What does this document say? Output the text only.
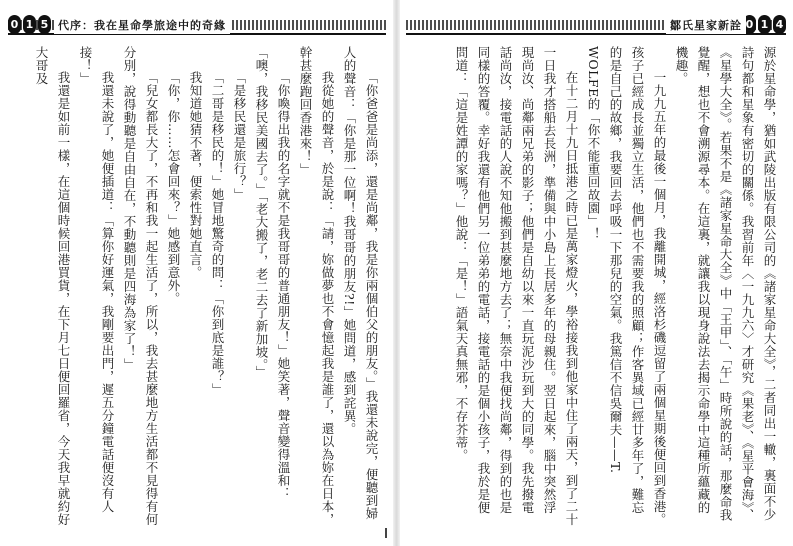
0 1 5 代序：我在星命學旅途中的奇緣

「你爸爸是尚添，還是尚鄰，我是你兩個伯父的朋友。」我還未說完，便聽到婦人的聲音：「你是那一位啊！我哥哥的朋友?!」她問道，感到詫異。

我從她的聲音，於是說：「請，妳做夢也不會憶起我是誰了，還以為妳在日本，幹甚麼跑回香港來！」

「你喚得出我的名字就不是我哥哥的普通朋友！」她笑著，聲音變得溫和：「噢，我移民美國去了。」「老大搬了，老二去了新加坡。」

「是移民還是旅行？」

「二哥是移民的！」她冒地驚奇的問：「你到底是誰？」

我知道她猜不著，便索性對她直言。

「你，你……怎會回來？」她感到意外。

「兒女都長大了，不再和我一起生活了，所以，我去甚麼地方生活都不見得有何分別，說得動聽是自由自在，不動聽則是四海為家了！」

我還未說了，她便插道：「算你好運氣，我剛要出門，遲五分鐘電話便沒有人接！」

我還是如前一樣，在這個時候回港買貨，在下月七日便回羅省，今天我早就約好大哥及

0 1 4
鄒氏星家新詮

源於星命學，猶如武陵出版有限公司的《諸家星命大全》，二者同出一轍，裏面不少詩句都和星象有密切的關係。我習前年〈一九九六〉才研究《果老》、《星平會海》、《星學大全》。若果不是《諸家星命大全》中「王甲」、「午」時所說的話，那麼命我覺醒，想也不會溯源尋本。在這裏，就讓我以現身說法去揭示命學中這種所蘊藏的機趣。

一九九五年的最後一個月，我離開城，經洛杉磯逗留了兩個星期後便回到香港。孩子已經成長並獨立生活，他們也不需要我的照顧；作客異域已經廿多年了，難忘的是自己的故鄉，我要回去呼吸一下那兒的空氣。我篤信不信吳爾夫——T. WOLFE的「你不能重回故園」！

在十二月十九日抵港之時已是萬家燈火，學裕接我到他家中住了兩天，到了二十一日我才搭船去長洲，準備與中小島上長居多年的母親住。翌日起來，腦中突然浮現尚汝、尚鄰兩兄弟的影子；他們是自幼以來一直玩泥沙玩到大的同學。我先撥電話尚汝，接電話的人說不知他搬到甚麼地方去了；無奈中我便找尚鄰，得到的也是同樣的答覆。幸好我還有他們另一位弟弟的電話，接電話的是個小孩子，我於是便問道：「這是姓譚的家嗎？」他說：「是！」語氣天真無邪，不存芥蒂。
